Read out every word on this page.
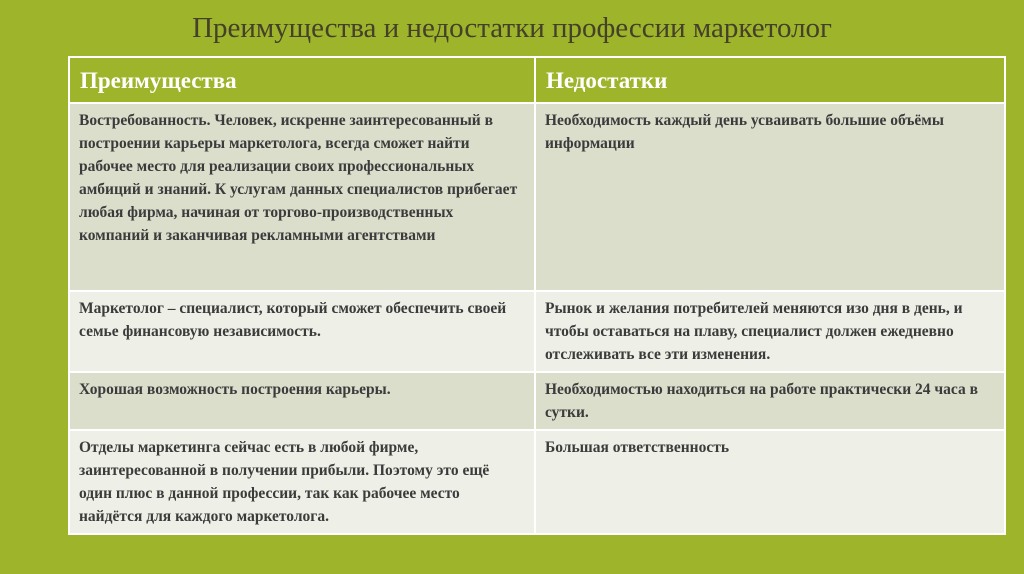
Преимущества и недостатки профессии маркетолог
Преимущества	Недостатки
Востребованность. Человек, искренне заинтересованный в построении карьеры маркетолога, всегда сможет найти рабочее место для реализации своих профессиональных амбиций и знаний. К услугам данных специалистов прибегает любая фирма, начиная от торгово-производственных компаний и заканчивая рекламными агентствами	Необходимость каждый день усваивать большие объёмы информации
Маркетолог – специалист, который сможет обеспечить своей семье финансовую независимость.	Рынок и желания потребителей меняются изо дня в день, и чтобы оставаться на плаву, специалист должен ежедневно отслеживать все эти изменения.
Хорошая возможность построения карьеры.	Необходимостью находиться на работе практически 24 часа в сутки.
Отделы маркетинга сейчас есть в любой фирме, заинтересованной в получении прибыли. Поэтому это ещё один плюс в данной профессии, так как рабочее место найдётся для каждого маркетолога.	Большая ответственность
